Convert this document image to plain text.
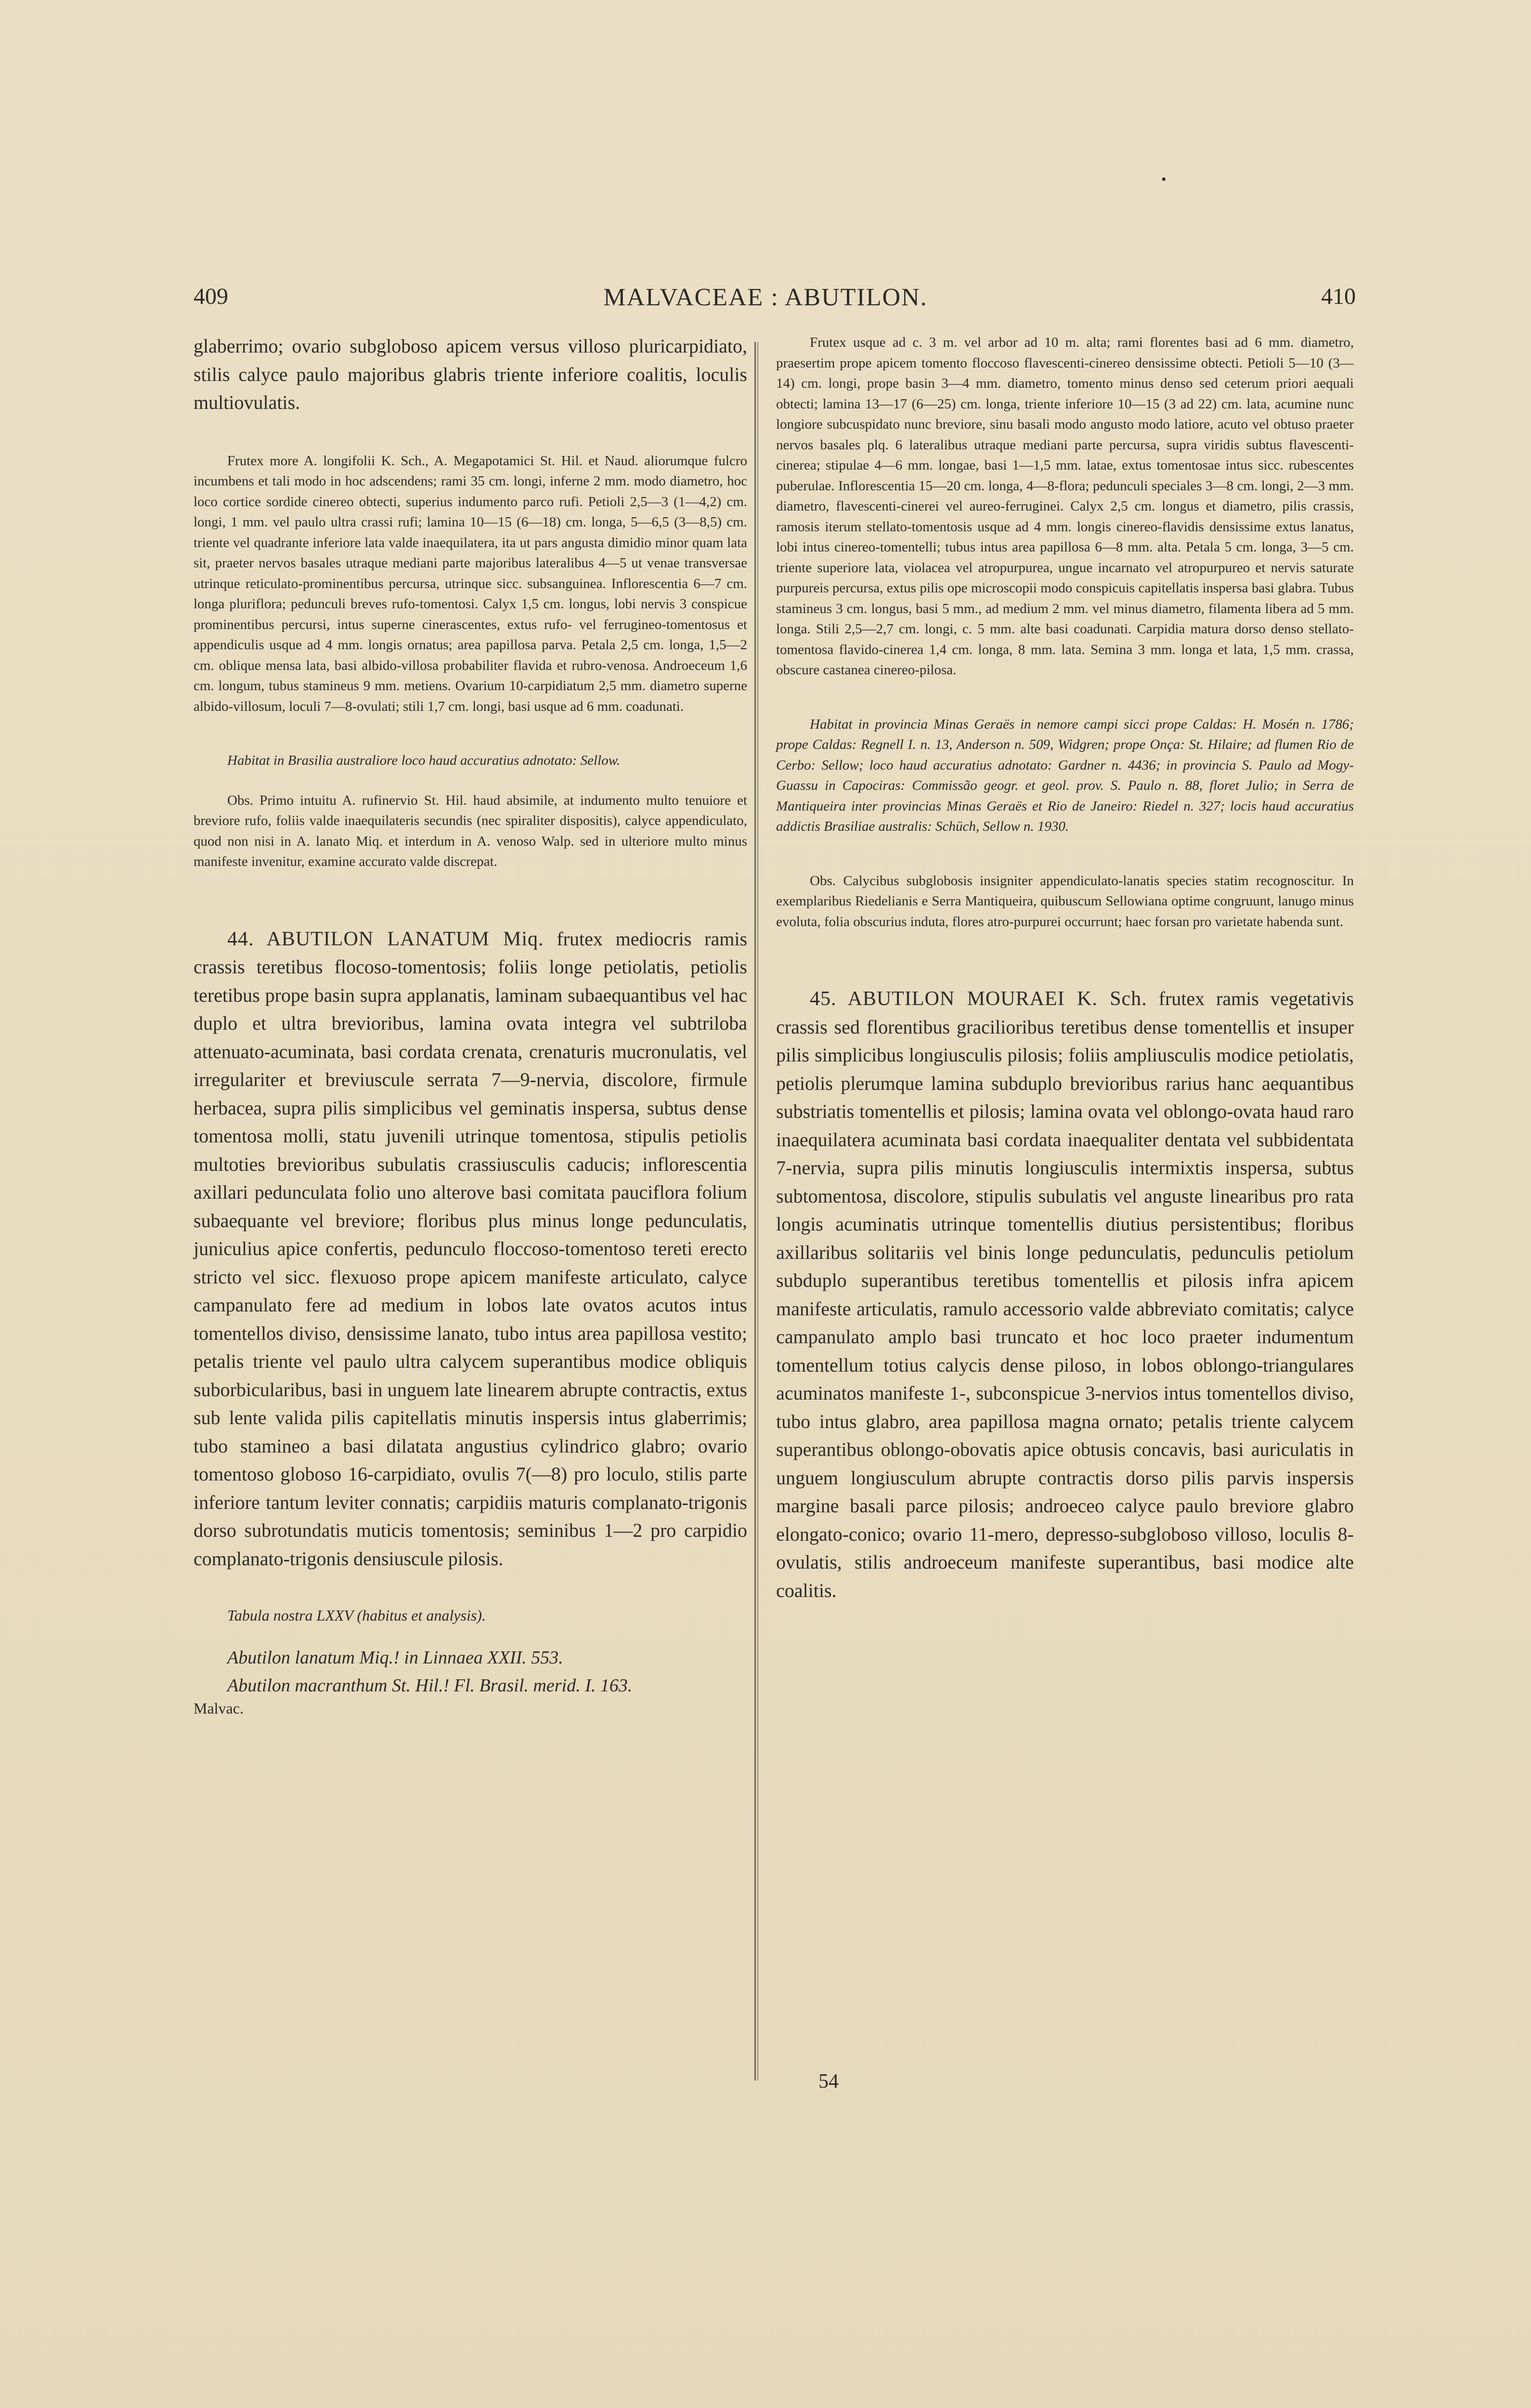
•
409	MALVACEAE : ABUTILON.	410

glaberrimo; ovario subgloboso apicem versus villoso pluricarpidiato, stilis calyce paulo majoribus glabris triente inferiore coalitis, loculis multiovulatis.

Frutex more A. longifolii K. Sch., A. Megapotamici St. Hil. et Naud. aliorumque fulcro incumbens et tali modo in hoc adscendens; rami 35 cm. longi, inferne 2 mm. modo diametro, hoc loco cortice sordide cinereo obtecti, superius indumento parco rufi. Petioli 2,5—3 (1—4,2) cm. longi, 1 mm. vel paulo ultra crassi rufi; lamina 10—15 (6—18) cm. longa, 5—6,5 (3—8,5) cm. triente vel quadrante inferiore lata valde inaequilatera, ita ut pars angusta dimidio minor quam lata sit, praeter nervos basales utraque mediani parte majoribus lateralibus 4—5 ut venae transversae utrinque reticulato-prominentibus percursa, utrinque sicc. subsanguinea. Inflorescentia 6—7 cm. longa pluriflora; pedunculi breves rufo-tomentosi. Calyx 1,5 cm. longus, lobi nervis 3 conspicue prominentibus percursi, intus superne cinerascentes, extus rufo- vel ferrugineo-tomentosus et appendiculis usque ad 4 mm. longis ornatus; area papillosa parva. Petala 2,5 cm. longa, 1,5—2 cm. oblique mensa lata, basi albido-villosa probabiliter flavida et rubro-venosa. Androeceum 1,6 cm. longum, tubus stamineus 9 mm. metiens. Ovarium 10-carpidiatum 2,5 mm. diametro superne albido-villosum, loculi 7—8-ovulati; stili 1,7 cm. longi, basi usque ad 6 mm. coadunati.

Habitat in Brasilia australiore loco haud accuratius adnotato: Sellow.

Obs. Primo intuitu A. rufinervio St. Hil. haud absimile, at indumento multo tenuiore et breviore rufo, foliis valde inaequilateris secundis (nec spiraliter dispositis), calyce appendiculato, quod non nisi in A. lanato Miq. et interdum in A. venoso Walp. sed in ulteriore multo minus manifeste invenitur, examine accurato valde discrepat.

44. ABUTILON LANATUM Miq. frutex mediocris ramis crassis teretibus flocoso-tomentosis; foliis longe petiolatis, petiolis teretibus prope basin supra applanatis, laminam subaequantibus vel hac duplo et ultra brevioribus, lamina ovata integra vel subtriloba attenuato-acuminata, basi cordata crenata, crenaturis mucronulatis, vel irregulariter et breviuscule serrata 7—9-nervia, discolore, firmule herbacea, supra pilis simplicibus vel geminatis inspersa, subtus dense tomentosa molli, statu juvenili utrinque tomentosa, stipulis petiolis multoties brevioribus subulatis crassiusculis caducis; inflorescentia axillari pedunculata folio uno alterove basi comitata pauciflora folium subaequante vel breviore; floribus plus minus longe pedunculatis, juniculius apice confertis, pedunculo floccoso-tomentoso tereti erecto stricto vel sicc. flexuoso prope apicem manifeste articulato, calyce campanulato fere ad medium in lobos late ovatos acutos intus tomentellos diviso, densissime lanato, tubo intus area papillosa vestito; petalis triente vel paulo ultra calycem superantibus modice obliquis suborbicularibus, basi in unguem late linearem abrupte contractis, extus sub lente valida pilis capitellatis minutis inspersis intus glaberrimis; tubo stamineo a basi dilatata angustius cylindrico glabro; ovario tomentoso globoso 16-carpidiato, ovulis 7(—8) pro loculo, stilis parte inferiore tantum leviter connatis; carpidiis maturis complanato-trigonis dorso subrotundatis muticis tomentosis; seminibus 1—2 pro carpidio complanato-trigonis densiuscule pilosis.

Tabula nostra LXXV (habitus et analysis).

Abutilon lanatum Miq.! in Linnaea XXII. 553.

Abutilon macranthum St. Hil.! Fl. Brasil. merid. I. 163.

Malvac.

Frutex usque ad c. 3 m. vel arbor ad 10 m. alta; rami florentes basi ad 6 mm. diametro, praesertim prope apicem tomento floccoso flavescenti-cinereo densissime obtecti. Petioli 5—10 (3—14) cm. longi, prope basin 3—4 mm. diametro, tomento minus denso sed ceterum priori aequali obtecti; lamina 13—17 (6—25) cm. longa, triente inferiore 10—15 (3 ad 22) cm. lata, acumine nunc longiore subcuspidato nunc breviore, sinu basali modo angusto modo latiore, acuto vel obtuso praeter nervos basales plq. 6 lateralibus utraque mediani parte percursa, supra viridis subtus flavescenti-cinerea; stipulae 4—6 mm. longae, basi 1—1,5 mm. latae, extus tomentosae intus sicc. rubescentes puberulae. Inflorescentia 15—20 cm. longa, 4—8-flora; pedunculi speciales 3—8 cm. longi, 2—3 mm. diametro, flavescenti-cinerei vel aureo-ferruginei. Calyx 2,5 cm. longus et diametro, pilis crassis, ramosis iterum stellato-tomentosis usque ad 4 mm. longis cinereo-flavidis densissime extus lanatus, lobi intus cinereo-tomentelli; tubus intus area papillosa 6—8 mm. alta. Petala 5 cm. longa, 3—5 cm. triente superiore lata, violacea vel atropurpurea, ungue incarnato vel atropurpureo et nervis saturate purpureis percursa, extus pilis ope microscopii modo conspicuis capitellatis inspersa basi glabra. Tubus stamineus 3 cm. longus, basi 5 mm., ad medium 2 mm. vel minus diametro, filamenta libera ad 5 mm. longa. Stili 2,5—2,7 cm. longi, c. 5 mm. alte basi coadunati. Carpidia matura dorso denso stellato-tomentosa flavido-cinerea 1,4 cm. longa, 8 mm. lata. Semina 3 mm. longa et lata, 1,5 mm. crassa, obscure castanea cinereo-pilosa.

Habitat in provincia Minas Geraës in nemore campi sicci prope Caldas: H. Mosén n. 1786; prope Caldas: Regnell I. n. 13, Anderson n. 509, Widgren; prope Onça: St. Hilaire; ad flumen Rio de Cerbo: Sellow; loco haud accuratius adnotato: Gardner n. 4436; in provincia S. Paulo ad Mogy-Guassu in Capociras: Commissão geogr. et geol. prov. S. Paulo n. 88, floret Julio; in Serra de Mantiqueira inter provincias Minas Geraës et Rio de Janeiro: Riedel n. 327; locis haud accuratius addictis Brasiliae australis: Schüch, Sellow n. 1930.

Obs. Calycibus subglobosis insigniter appendiculato-lanatis species statim recognoscitur. In exemplaribus Riedelianis e Serra Mantiqueira, quibuscum Sellowiana optime congruunt, lanugo minus evoluta, folia obscurius induta, flores atro-purpurei occurrunt; haec forsan pro varietate habenda sunt.

45. ABUTILON MOURAEI K. Sch. frutex ramis vegetativis crassis sed florentibus gracilioribus teretibus dense tomentellis et insuper pilis simplicibus longiusculis pilosis; foliis ampliusculis modice petiolatis, petiolis plerumque lamina subduplo brevioribus rarius hanc aequantibus substriatis tomentellis et pilosis; lamina ovata vel oblongo-ovata haud raro inaequilatera acuminata basi cordata inaequaliter dentata vel subbidentata 7-nervia, supra pilis minutis longiusculis intermixtis inspersa, subtus subtomentosa, discolore, stipulis subulatis vel anguste linearibus pro rata longis acuminatis utrinque tomentellis diutius persistentibus; floribus axillaribus solitariis vel binis longe pedunculatis, pedunculis petiolum subduplo superantibus teretibus tomentellis et pilosis infra apicem manifeste articulatis, ramulo accessorio valde abbreviato comitatis; calyce campanulato amplo basi truncato et hoc loco praeter indumentum tomentellum totius calycis dense piloso, in lobos oblongo-triangulares acuminatos manifeste 1-, subconspicue 3-nervios intus tomentellos diviso, tubo intus glabro, area papillosa magna ornato; petalis triente calycem superantibus oblongo-obovatis apice obtusis concavis, basi auriculatis in unguem longiusculum abrupte contractis dorso pilis parvis inspersis margine basali parce pilosis; androeceo calyce paulo breviore glabro elongato-conico; ovario 11-mero, depresso-subgloboso villoso, loculis 8-ovulatis, stilis androeceum manifeste superantibus, basi modice alte coalitis.

54
